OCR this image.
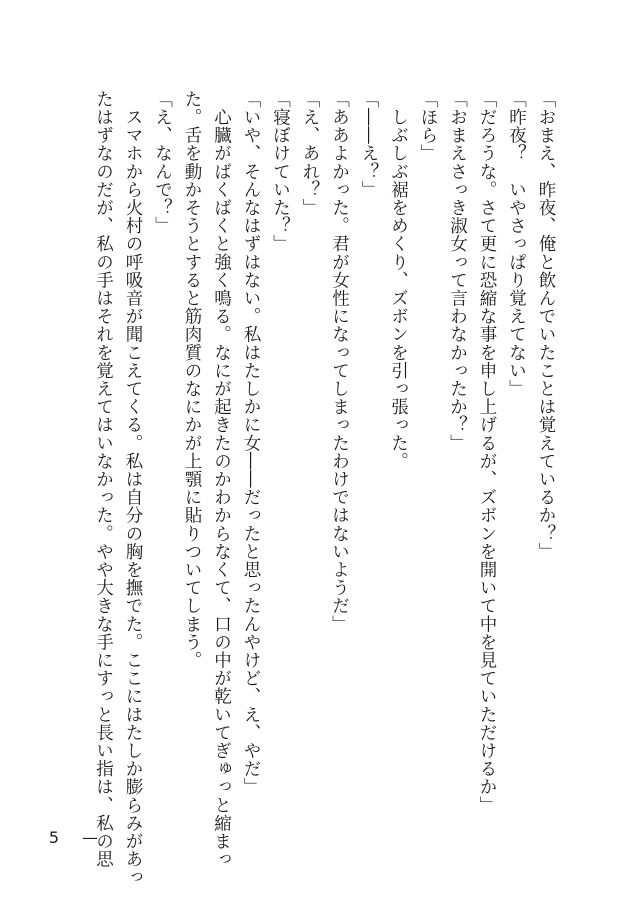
「おまえ、昨夜、俺と飲んでいたことは覚えているか？」
「昨夜？　いやさっぱり覚えてない」
「だろうな。さて更に恐縮な事を申し上げるが、ズボンを開いて中を見ていただけるか」
「おまえさっき淑女って言わなかったか？」
「ほら」
　しぶしぶ裾をめくり、ズボンを引っ張った。
「――え？」
「ああよかった。君が女性になってしまったわけではないようだ」
「え、あれ？」
「寝ぼけていた？」
「いや、そんなはずはない。私はたしかに女――だったと思ったんやけど、え、やだ」
　心臓がばくばくと強く鳴る。なにが起きたのかわからなくて、口の中が乾いてぎゅっと縮まっ
た。舌を動かそうとすると筋肉質のなにかが上顎に貼りついてしまう。
「え、なんで？」
　スマホから火村の呼吸音が聞こえてくる。私は自分の胸を撫でた。ここにはたしか膨らみがあっ
たはずなのだが、私の手はそれを覚えてはいなかった。やや大きな手にすっと長い指は、私の思
5	—
